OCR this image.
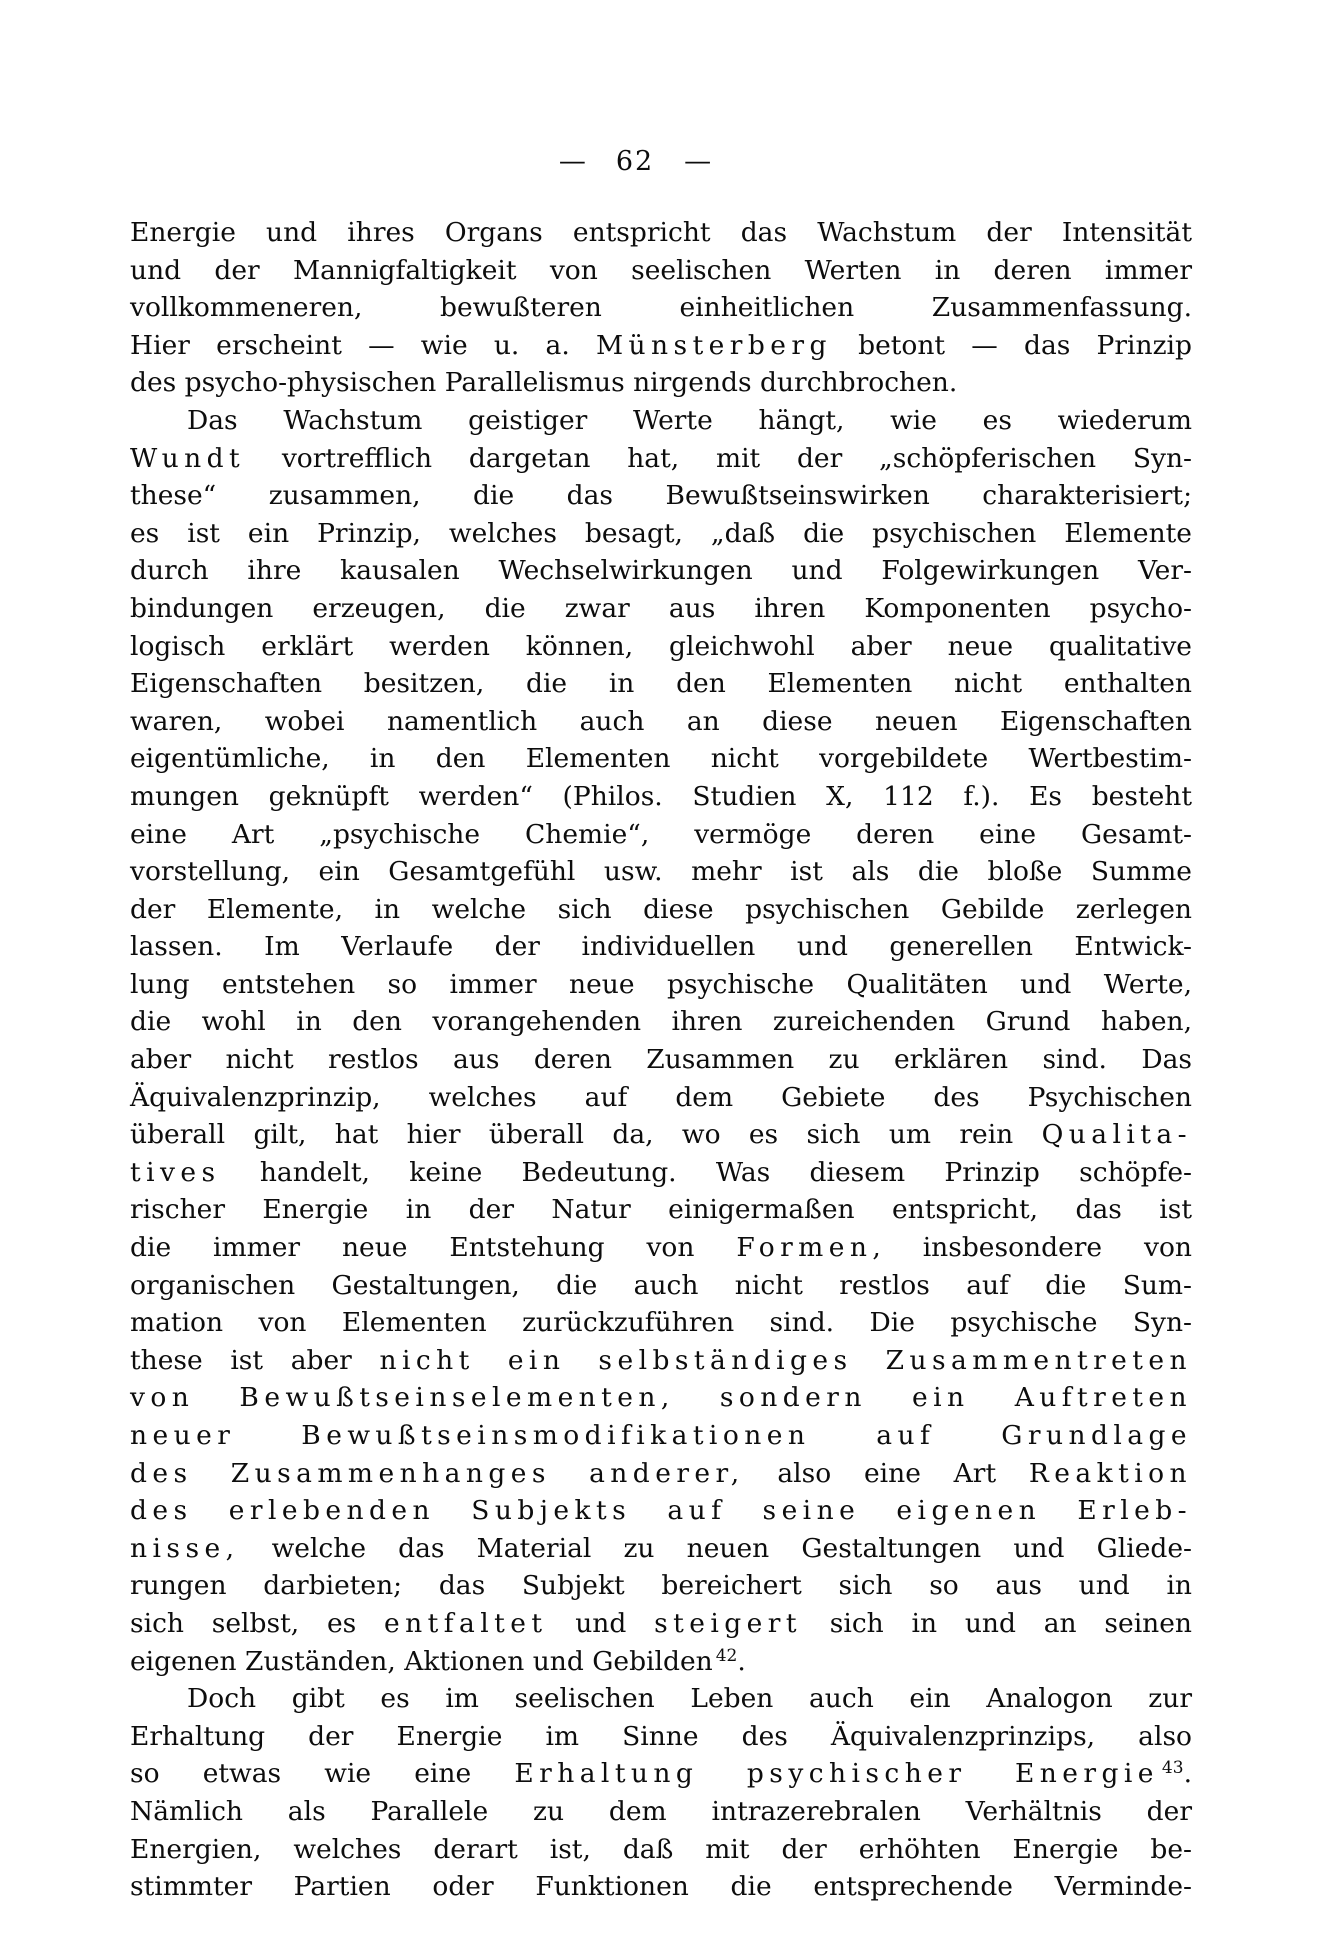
— 62 —
Energie und ihres Organs entspricht das Wachstum der Intensität
und der Mannigfaltigkeit von seelischen Werten in deren immer
vollkommeneren, bewußteren einheitlichen Zusammenfassung.
Hier erscheint — wie u. a. Münsterberg betont — das Prinzip
des psycho-physischen Parallelismus nirgends durchbrochen.
Das Wachstum geistiger Werte hängt, wie es wiederum
Wundt vortrefflich dargetan hat, mit der „schöpferischen Syn-
these“ zusammen, die das Bewußtseinswirken charakterisiert;
es ist ein Prinzip, welches besagt, „daß die psychischen Elemente
durch ihre kausalen Wechselwirkungen und Folgewirkungen Ver-
bindungen erzeugen, die zwar aus ihren Komponenten psycho-
logisch erklärt werden können, gleichwohl aber neue qualitative
Eigenschaften besitzen, die in den Elementen nicht enthalten
waren, wobei namentlich auch an diese neuen Eigenschaften
eigentümliche, in den Elementen nicht vorgebildete Wertbestim-
mungen geknüpft werden“ (Philos. Studien X, 112 f.). Es besteht
eine Art „psychische Chemie“, vermöge deren eine Gesamt-
vorstellung, ein Gesamtgefühl usw. mehr ist als die bloße Summe
der Elemente, in welche sich diese psychischen Gebilde zerlegen
lassen. Im Verlaufe der individuellen und generellen Entwick-
lung entstehen so immer neue psychische Qualitäten und Werte,
die wohl in den vorangehenden ihren zureichenden Grund haben,
aber nicht restlos aus deren Zusammen zu erklären sind. Das
Äquivalenzprinzip, welches auf dem Gebiete des Psychischen
überall gilt, hat hier überall da, wo es sich um rein Qualita-
tives handelt, keine Bedeutung. Was diesem Prinzip schöpfe-
rischer Energie in der Natur einigermaßen entspricht, das ist
die immer neue Entstehung von Formen, insbesondere von
organischen Gestaltungen, die auch nicht restlos auf die Sum-
mation von Elementen zurückzuführen sind. Die psychische Syn-
these ist aber nicht ein selbständiges Zusammentreten
von Bewußtseinselementen, sondern ein Auftreten
neuer Bewußtseinsmodifikationen auf Grundlage
des Zusammenhanges anderer, also eine Art Reaktion
des erlebenden Subjekts auf seine eigenen Erleb-
nisse, welche das Material zu neuen Gestaltungen und Gliede-
rungen darbieten; das Subjekt bereichert sich so aus und in
sich selbst, es entfaltet und steigert sich in und an seinen
eigenen Zuständen, Aktionen und Gebilden $^{42}$.
Doch gibt es im seelischen Leben auch ein Analogon zur
Erhaltung der Energie im Sinne des Äquivalenzprinzips, also
so etwas wie eine Erhaltung psychischer Energie $^{43}$.
Nämlich als Parallele zu dem intrazerebralen Verhältnis der
Energien, welches derart ist, daß mit der erhöhten Energie be-
stimmter Partien oder Funktionen die entsprechende Verminde-
